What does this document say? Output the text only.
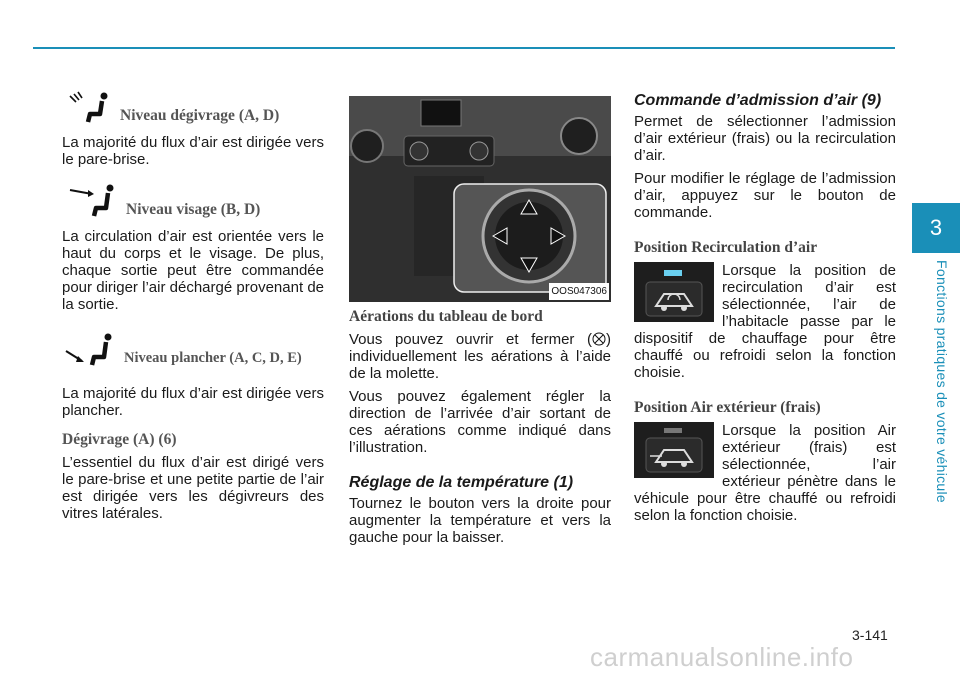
3
Fonctions pratiques de votre véhicule
Niveau dégivrage (A, D)

La majorité du flux d’air est dirigée vers le pare-brise.

Niveau visage (B, D)

La circulation d’air est orientée vers le haut du corps et le visage. De plus, chaque sortie peut être commandée pour diriger l’air déchargé provenant de la sortie.

Niveau plancher (A, C, D, E)

La majorité du flux d’air est dirigée vers plancher.

Dégivrage (A) (6)

L’essentiel du flux d’air est dirigé vers le pare-brise et une petite partie de l’air est dirigée vers les dégivreurs des vitres latérales.

OOS047306
Aérations du tableau de bord

Vous pouvez ouvrir et fermer ( ) individuellement les aérations à l’aide de la molette.

Vous pouvez également régler la direction de l’arrivée d’air sortant de ces aérations comme indiqué dans l’illustration.

Réglage de la température (1)

Tournez le bouton vers la droite pour augmenter la température et vers la gauche pour la baisser.

Commande d’admission d’air (9)

Permet de sélectionner l’admission d’air extérieur (frais) ou la recirculation d’air.

Pour modifier le réglage de l’admission d’air, appuyez sur le bouton de commande.

Position Recirculation d’air

Lorsque la position de recirculation d’air est sélectionnée, l’air de l’habitacle passe par le dispositif de chauffage pour être chauffé ou refroidi selon la fonction choisie.

Position Air extérieur (frais)

Lorsque la position Air extérieur (frais) est sélectionnée, l’air extérieur pénètre dans le véhicule pour être chauffé ou refroidi selon la fonction choisie.

3-141
carmanualsonline.info
